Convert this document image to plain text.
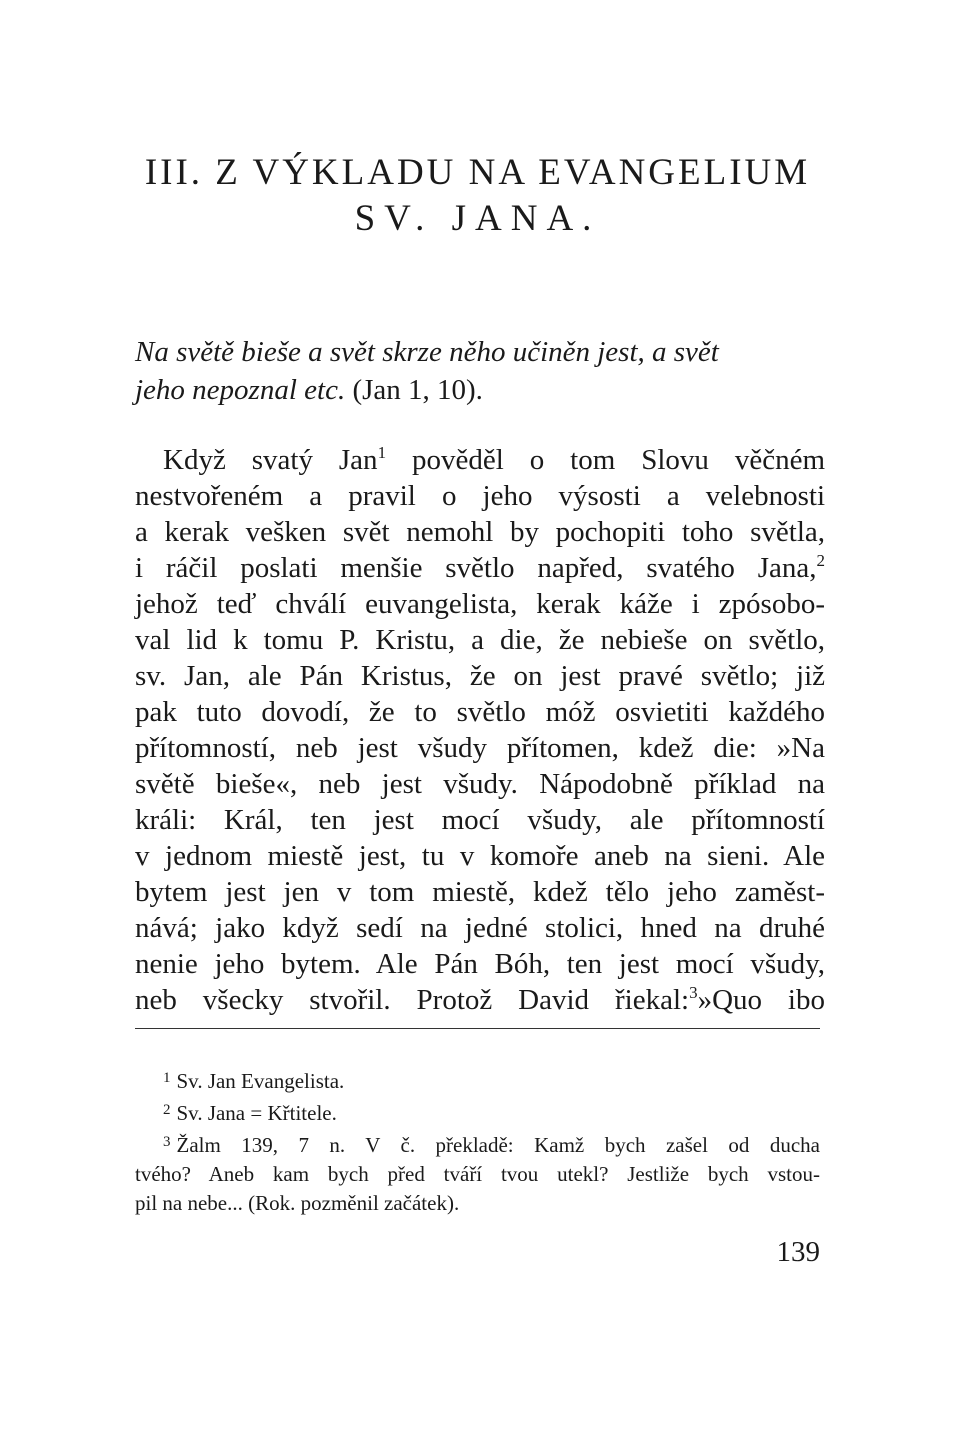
III. Z VÝKLADU NA EVANGELIUM
SV. JANA.

Na světě bieše a svět skrze něho učiněn jest, a svět
jeho nepoznal etc. (Jan 1, 10).

Když svatý Jan$^1$ pověděl o tom Slovu věčném
nestvořeném a pravil o jeho výsosti a velebnosti
a kerak vešken svět nemohl by pochopiti toho světla,
i ráčil poslati menšie světlo napřed, svatého Jana,$^2$
jehož teď chválí euvangelista, kerak káže i zpósobo-
val lid k tomu P. Kristu, a die, že nebieše on světlo,
sv. Jan, ale Pán Kristus, že on jest pravé světlo; již
pak tuto dovodí, že to světlo móž osvietiti každého
přítomností, neb jest všudy přítomen, kdež die: »Na
světě bieše«, neb jest všudy. Nápodobně příklad na
králi: Král, ten jest mocí všudy, ale přítomností
v jednom miestě jest, tu v komoře aneb na sieni. Ale
bytem jest jen v tom miestě, kdež tělo jeho zaměst-
nává; jako když sedí na jedné stolici, hned na druhé
nenie jeho bytem. Ale Pán Bóh, ten jest mocí všudy,
neb všecky stvořil. Protož David řiekal:$^3$»Quo ibo

$^1$ Sv. Jan Evangelista.
$^2$ Sv. Jana = Křtitele.
$^3$ Žalm 139, 7 n. V č. překladě: Kamž bych zašel od ducha
tvého? Aneb kam bych před tváří tvou utekl? Jestliže bych vstou-
pil na nebe... (Rok. pozměnil začátek).
139
